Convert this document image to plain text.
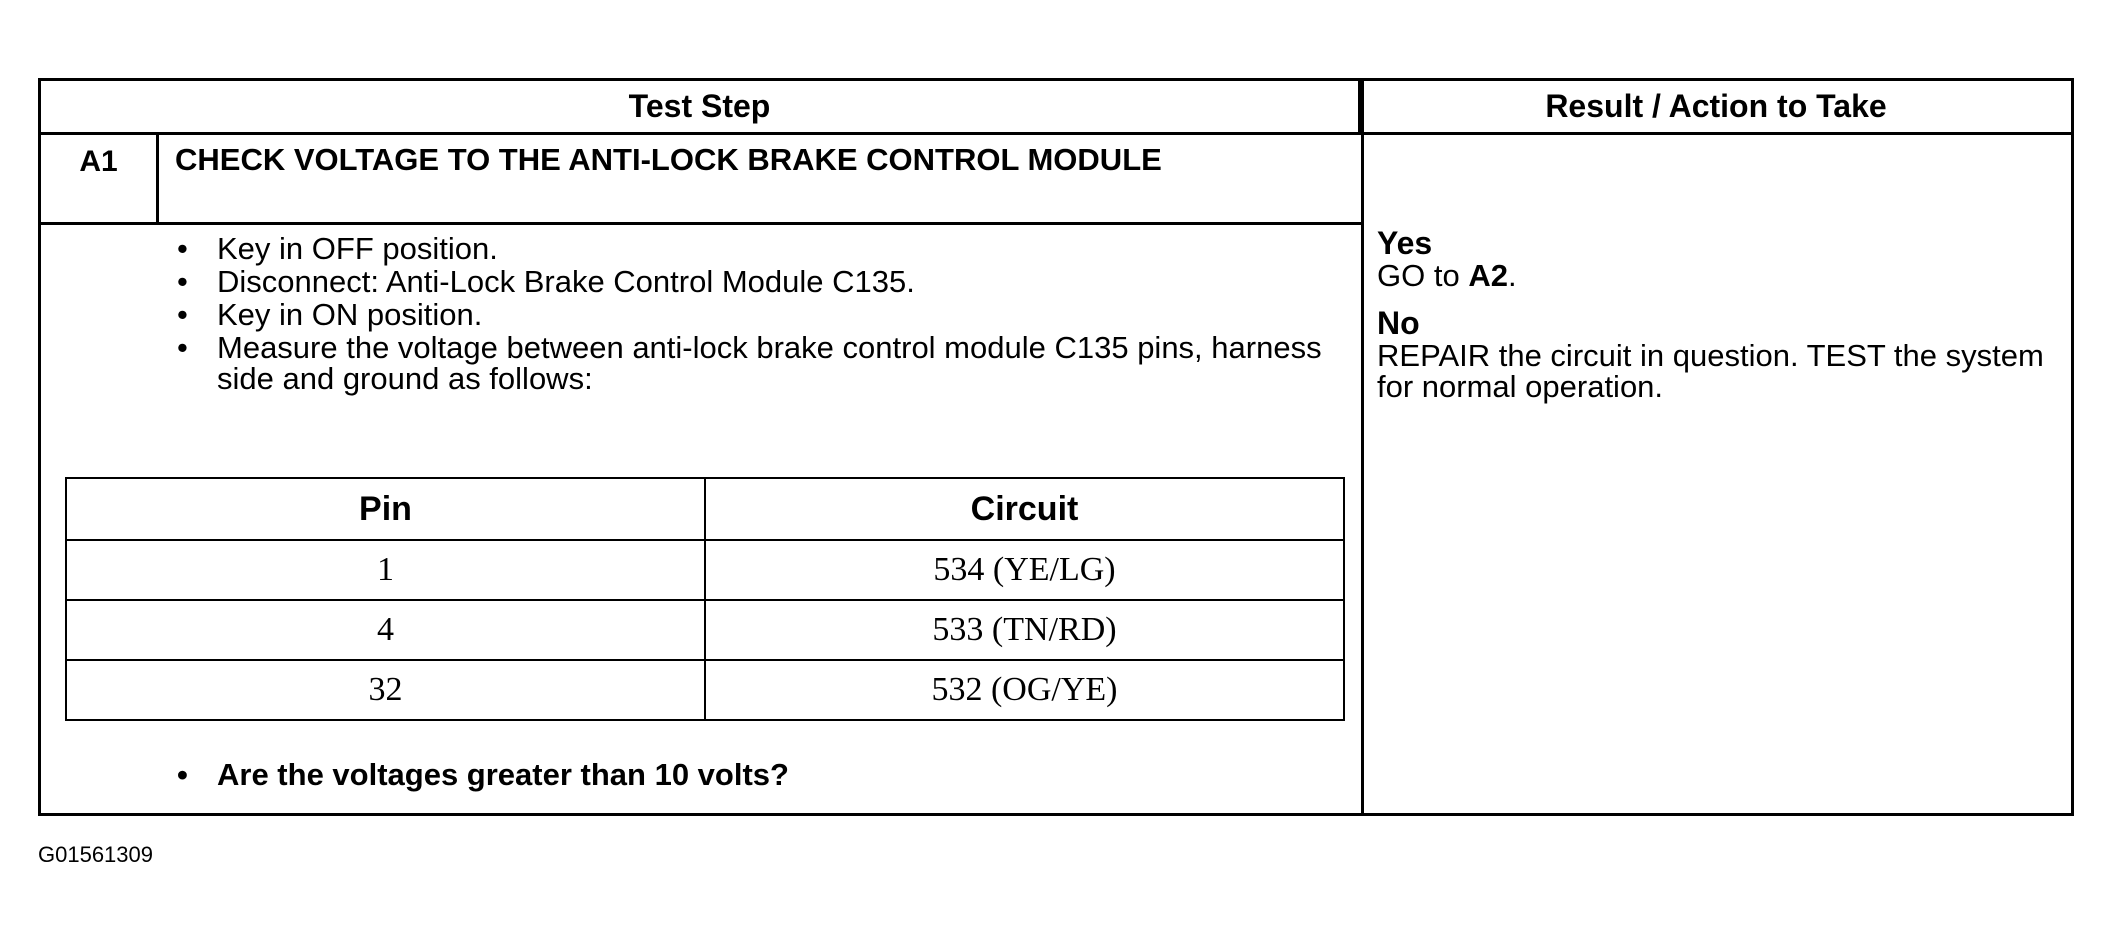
Test Step	Result / Action to Take
A1	CHECK VOLTAGE TO THE ANTI-LOCK BRAKE CONTROL MODULE
• Key in OFF position.
• Disconnect: Anti-Lock Brake Control Module C135.
• Key in ON position.
• Measure the voltage between anti-lock brake control module C135 pins, harness side and ground as follows:
Pin	Circuit
1	534 (YE/LG)
4	533 (TN/RD)
32	532 (OG/YE)
• Are the voltages greater than 10 volts?
Yes
GO to A2.
No
REPAIR the circuit in question. TEST the system for normal operation.
G01561309
